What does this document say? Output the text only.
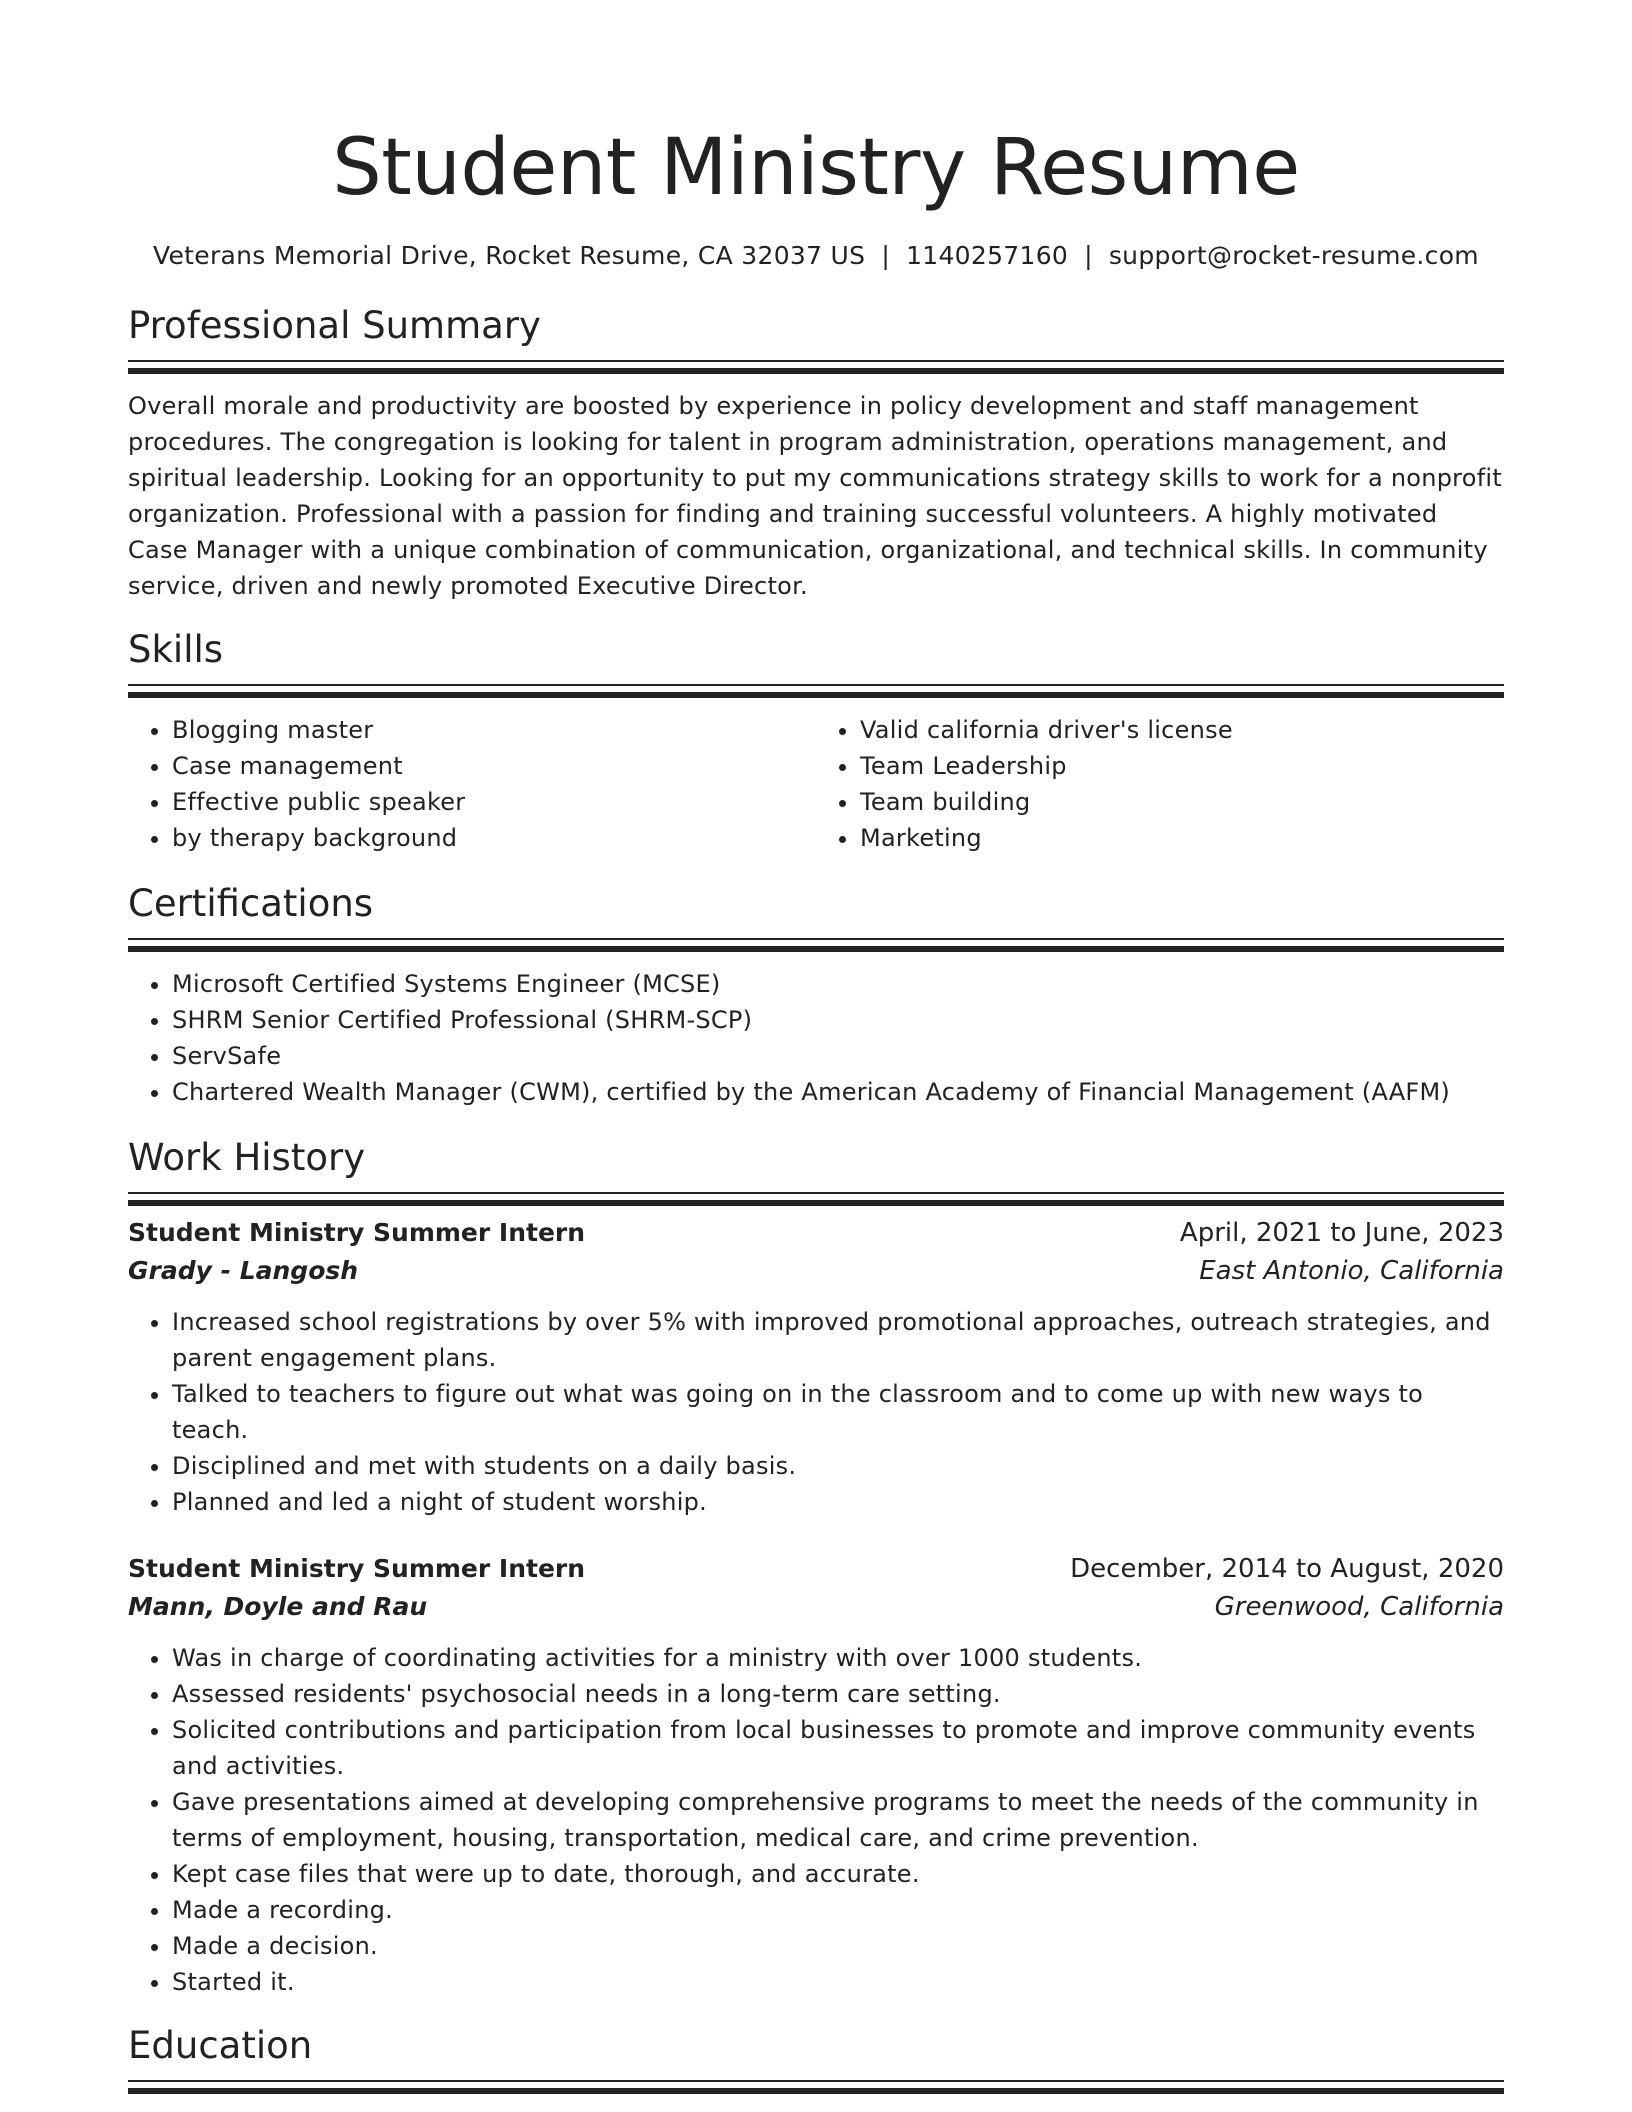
Student Ministry Resume
Veterans Memorial Drive, Rocket Resume, CA 32037 US | 1140257160 | support@rocket-resume.com
Professional Summary
Overall morale and productivity are boosted by experience in policy development and staff management procedures. The congregation is looking for talent in program administration, operations management, and spiritual leadership. Looking for an opportunity to put my communications strategy skills to work for a nonprofit organization. Professional with a passion for finding and training successful volunteers. A highly motivated Case Manager with a unique combination of communication, organizational, and technical skills. In community service, driven and newly promoted Executive Director.
Skills
• Blogging master
• Case management
• Effective public speaker
• by therapy background
• Valid california driver's license
• Team Leadership
• Team building
• Marketing
Certifications
• Microsoft Certified Systems Engineer (MCSE)
• SHRM Senior Certified Professional (SHRM-SCP)
• ServSafe
• Chartered Wealth Manager (CWM), certified by the American Academy of Financial Management (AAFM)
Work History
Student Ministry Summer Intern	April, 2021 to June, 2023
Grady - Langosh	East Antonio, California
• Increased school registrations by over 5% with improved promotional approaches, outreach strategies, and parent engagement plans.
• Talked to teachers to figure out what was going on in the classroom and to come up with new ways to teach.
• Disciplined and met with students on a daily basis.
• Planned and led a night of student worship.
Student Ministry Summer Intern	December, 2014 to August, 2020
Mann, Doyle and Rau	Greenwood, California
• Was in charge of coordinating activities for a ministry with over 1000 students.
• Assessed residents' psychosocial needs in a long-term care setting.
• Solicited contributions and participation from local businesses to promote and improve community events and activities.
• Gave presentations aimed at developing comprehensive programs to meet the needs of the community in terms of employment, housing, transportation, medical care, and crime prevention.
• Kept case files that were up to date, thorough, and accurate.
• Made a recording.
• Made a decision.
• Started it.
Education
